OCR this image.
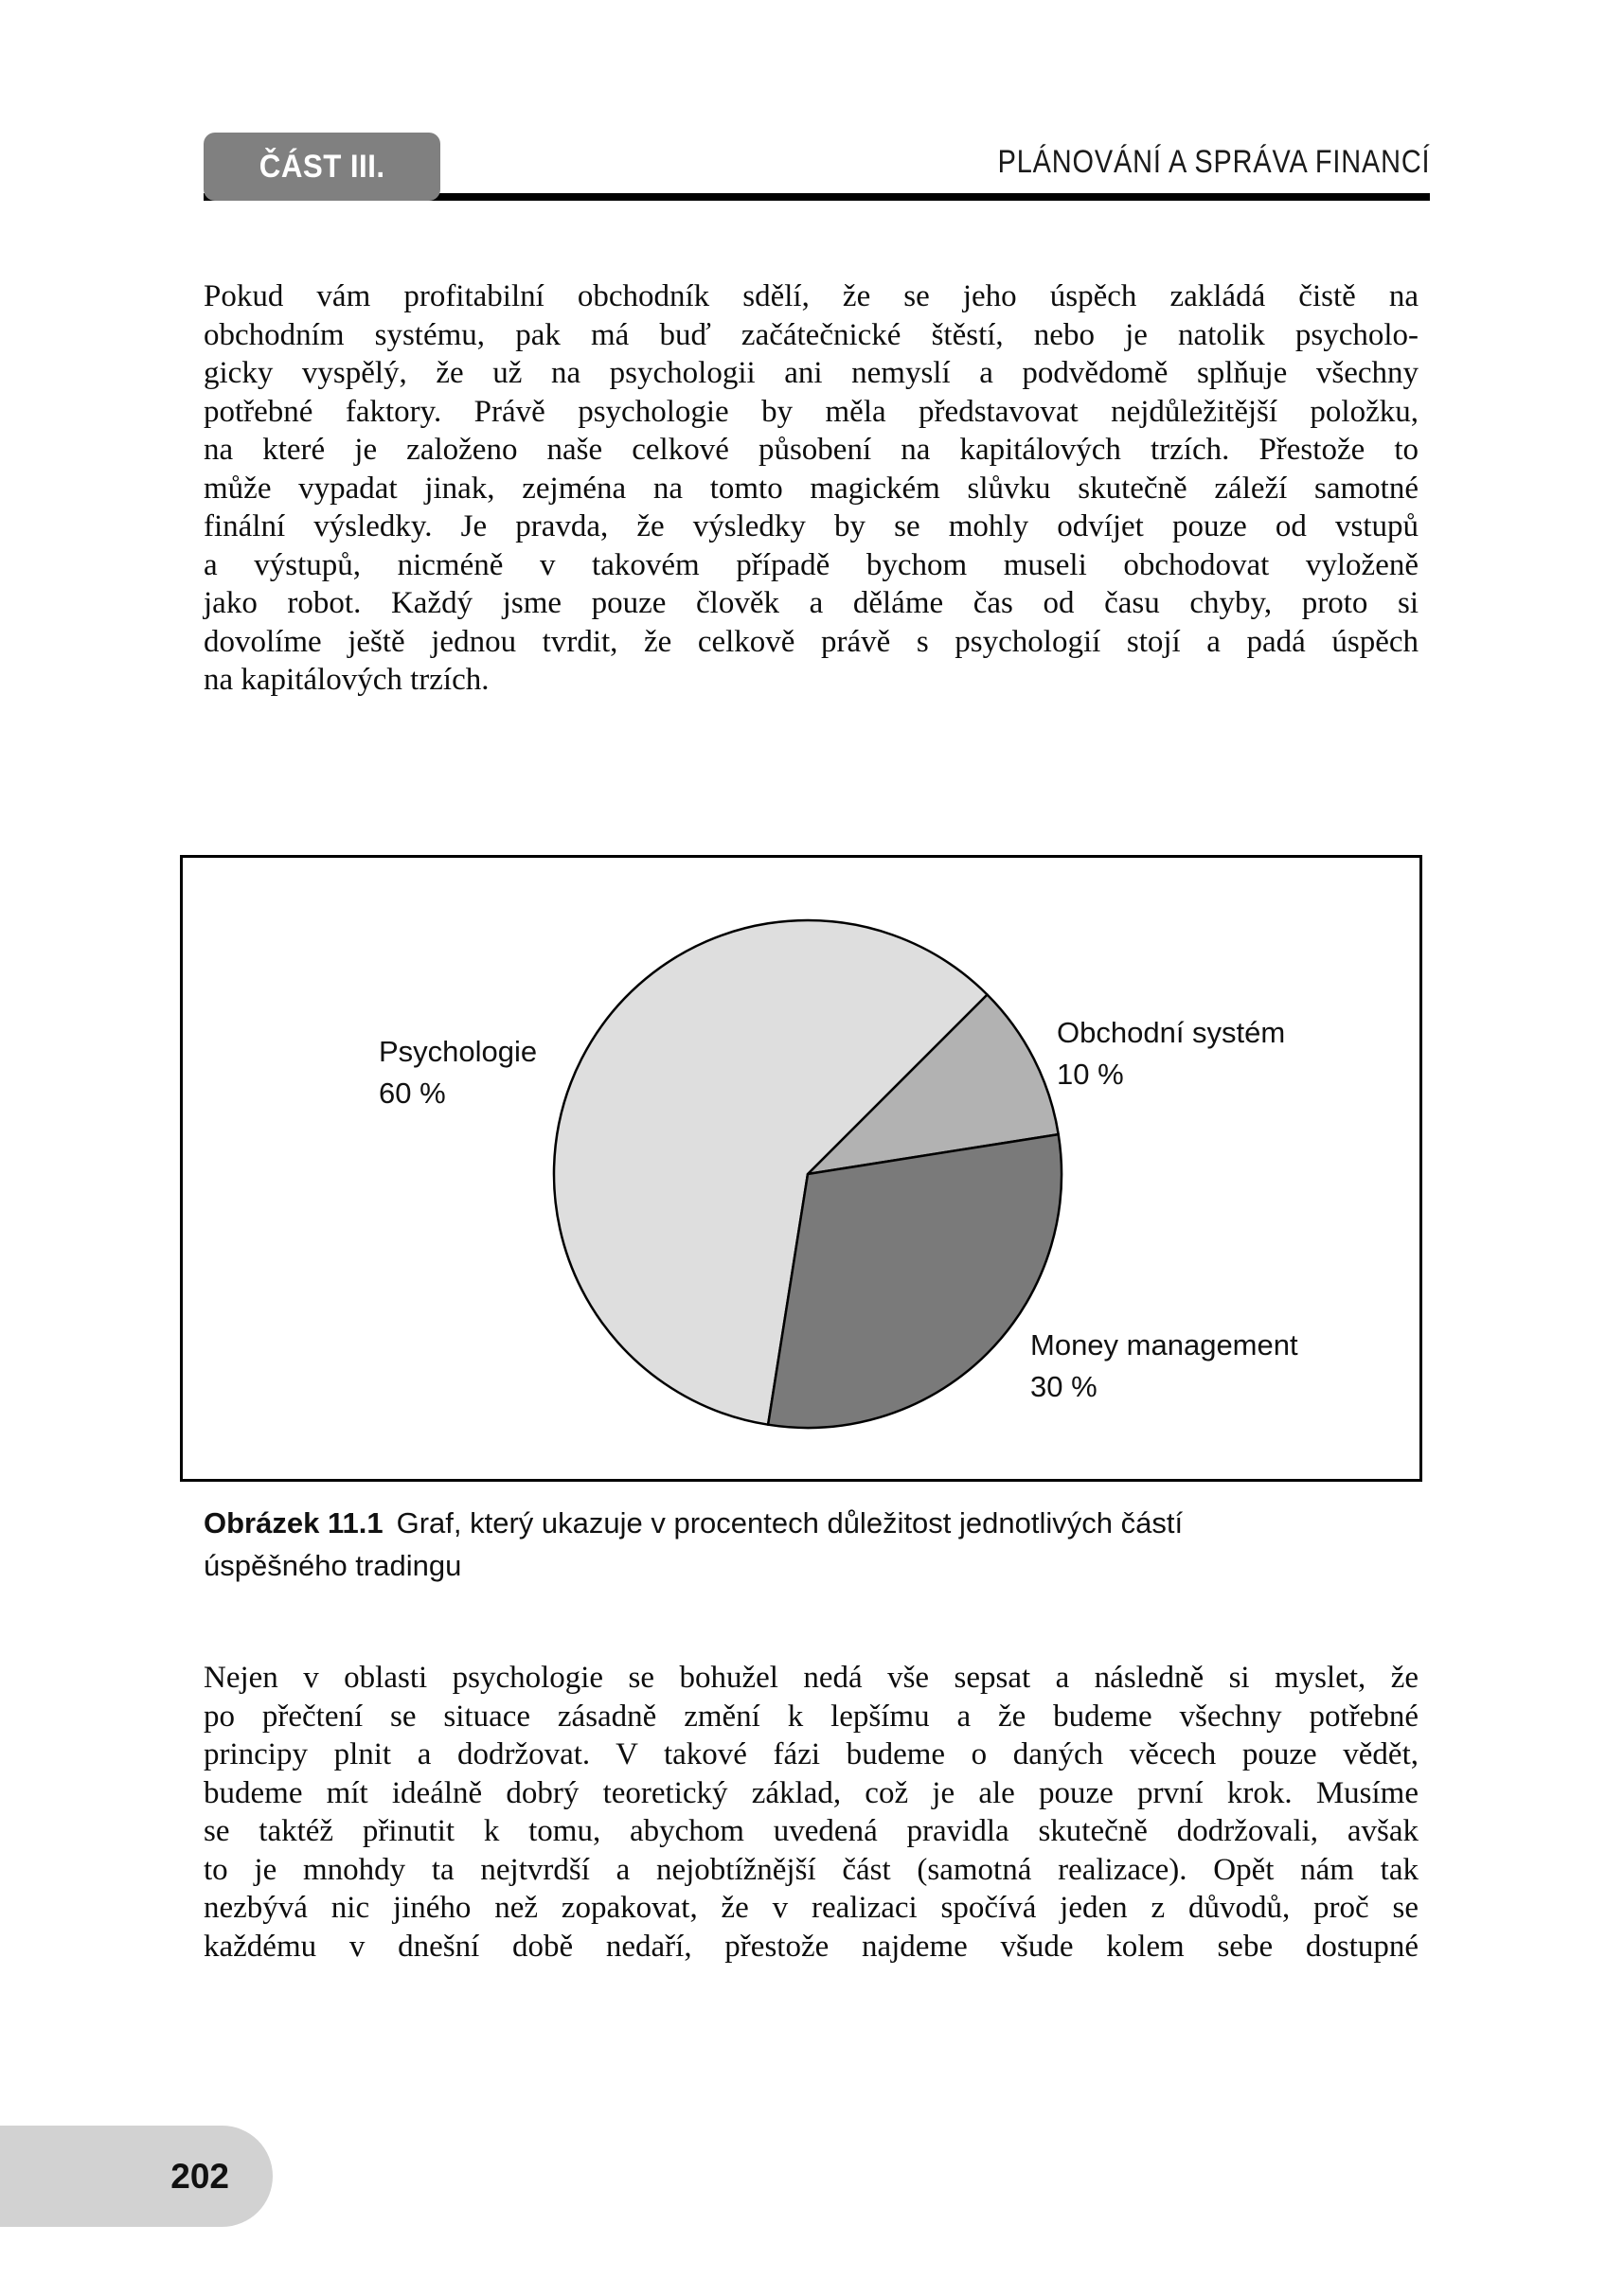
ČÁST III.	PLÁNOVÁNÍ A SPRÁVA FINANCÍ
Pokud vám profitabilní obchodník sdělí, že se jeho úspěch zakládá čistě na
obchodním systému, pak má buď začátečnické štěstí, nebo je natolik psycholo-
gicky vyspělý, že už na psychologii ani nemyslí a podvědomě splňuje všechny
potřebné faktory. Právě psychologie by měla představovat nejdůležitější položku,
na které je založeno naše celkové působení na kapitálových trzích. Přestože to
může vypadat jinak, zejména na tomto magickém slůvku skutečně záleží samotné
finální výsledky. Je pravda, že výsledky by se mohly odvíjet pouze od vstupů
a výstupů, nicméně v takovém případě bychom museli obchodovat vyloženě
jako robot. Každý jsme pouze člověk a děláme čas od času chyby, proto si
dovolíme ještě jednou tvrdit, že celkově právě s psychologií stojí a padá úspěch
na kapitálových trzích.
Psychologie
60 %
Obchodní systém
10 %
Money management
30 %
Obrázek 11.1 Graf, který ukazuje v procentech důležitost jednotlivých částí úspěšného tradingu
Nejen v oblasti psychologie se bohužel nedá vše sepsat a následně si myslet, že
po přečtení se situace zásadně změní k lepšímu a že budeme všechny potřebné
principy plnit a dodržovat. V takové fázi budeme o daných věcech pouze vědět,
budeme mít ideálně dobrý teoretický základ, což je ale pouze první krok. Musíme
se taktéž přinutit k tomu, abychom uvedená pravidla skutečně dodržovali, avšak
to je mnohdy ta nejtvrdší a nejobtížnější část (samotná realizace). Opět nám tak
nezbývá nic jiného než zopakovat, že v realizaci spočívá jeden z důvodů, proč se
každému v dnešní době nedaří, přestože najdeme všude kolem sebe dostupné
202
